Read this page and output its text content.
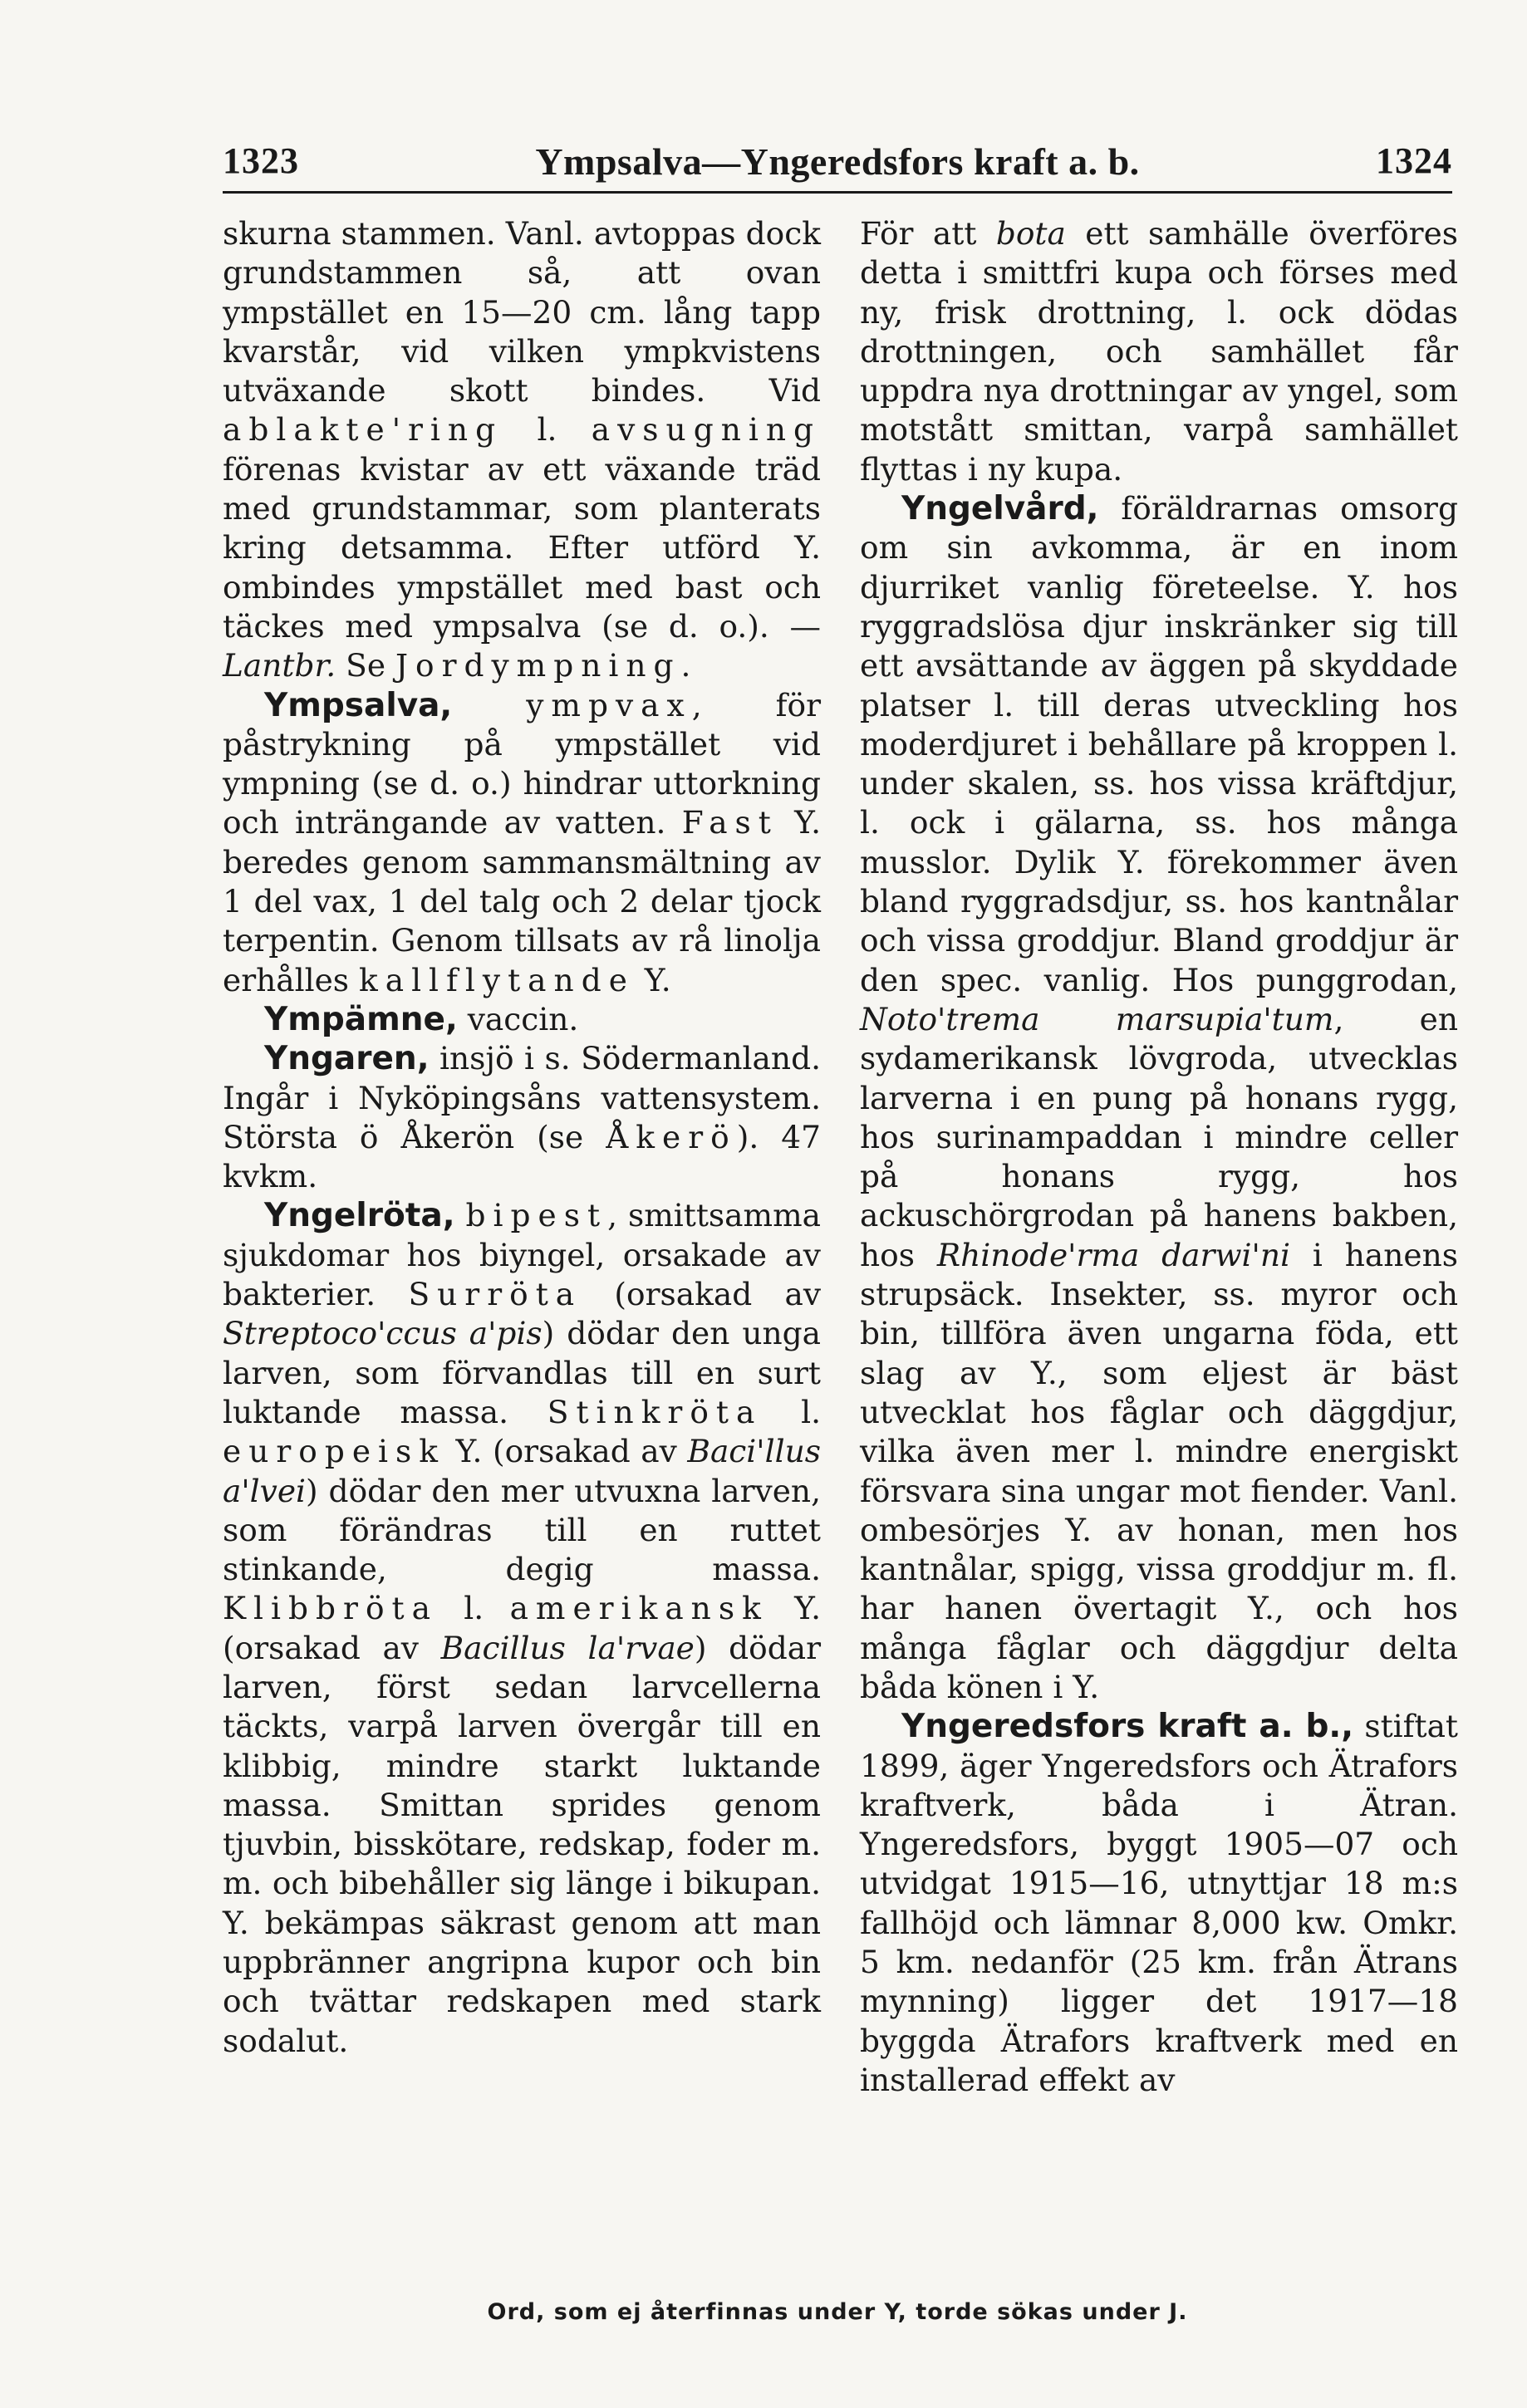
1323	Ympsalva—Yngeredsfors kraft a. b.	1324

skurna stammen. Vanl. avtoppas dock grundstammen så, att ovan ympstället en 15—20 cm. lång tapp kvarstår, vid vilken ympkvistens utväxande skott bindes. Vid ablakte'ring l. avsugning förenas kvistar av ett växande träd med grundstammar, som planterats kring detsamma. Efter utförd Y. ombindes ympstället med bast och täckes med ympsalva (se d. o.). — Lantbr. Se Jordympning.

Ympsalva, ympvax, för påstrykning på ympstället vid ympning (se d. o.) hindrar uttorkning och inträngande av vatten. Fast Y. beredes genom sammansmältning av 1 del vax, 1 del talg och 2 delar tjock terpentin. Genom tillsats av rå linolja erhålles kallflytande Y.

Ympämne, vaccin.

Yngaren, insjö i s. Södermanland. Ingår i Nyköpingsåns vattensystem. Största ö Åkerön (se Åkerö). 47 kvkm.

Yngelröta, bipest, smittsamma sjukdomar hos biyngel, orsakade av bakterier. Surröta (orsakad av Streptoco'ccus a'pis) dödar den unga larven, som förvandlas till en surt luktande massa. Stinkröta l. europeisk Y. (orsakad av Baci'llus a'lvei) dödar den mer utvuxna larven, som förändras till en ruttet stinkande, degig massa. Klibbröta l. amerikansk Y. (orsakad av Bacillus la'rvae) dödar larven, först sedan larvcellerna täckts, varpå larven övergår till en klibbig, mindre starkt luktande massa. Smittan sprides genom tjuvbin, bisskötare, redskap, foder m. m. och bibehåller sig länge i bikupan. Y. bekämpas säkrast genom att man uppbränner angripna kupor och bin och tvättar redskapen med stark sodalut.

För att bota ett samhälle överföres detta i smittfri kupa och förses med ny, frisk drottning, l. ock dödas drottningen, och samhället får uppdra nya drottningar av yngel, som motstått smittan, varpå samhället flyttas i ny kupa.

Yngelvård, föräldrarnas omsorg om sin avkomma, är en inom djurriket vanlig företeelse. Y. hos ryggradslösa djur inskränker sig till ett avsättande av äggen på skyddade platser l. till deras utveckling hos moderdjuret i behållare på kroppen l. under skalen, ss. hos vissa kräftdjur, l. ock i gälarna, ss. hos många musslor. Dylik Y. förekommer även bland ryggradsdjur, ss. hos kantnålar och vissa groddjur. Bland groddjur är den spec. vanlig. Hos punggrodan, Noto'trema marsupia'tum, en sydamerikansk lövgroda, utvecklas larverna i en pung på honans rygg, hos surinampaddan i mindre celler på honans rygg, hos ackuschörgrodan på hanens bakben, hos Rhinode'rma darwi'ni i hanens strupsäck. Insekter, ss. myror och bin, tillföra även ungarna föda, ett slag av Y., som eljest är bäst utvecklat hos fåglar och däggdjur, vilka även mer l. mindre energiskt försvara sina ungar mot fiender. Vanl. ombesörjes Y. av honan, men hos kantnålar, spigg, vissa groddjur m. fl. har hanen övertagit Y., och hos många fåglar och däggdjur delta båda könen i Y.

Yngeredsfors kraft a. b., stiftat 1899, äger Yngeredsfors och Ätrafors kraftverk, båda i Ätran. Yngeredsfors, byggt 1905—07 och utvidgat 1915—16, utnyttjar 18 m:s fallhöjd och lämnar 8,000 kw. Omkr. 5 km. nedanför (25 km. från Ätrans mynning) ligger det 1917—18 byggda Ätrafors kraftverk med en installerad effekt av

Ord, som ej återfinnas under Y, torde sökas under J.
